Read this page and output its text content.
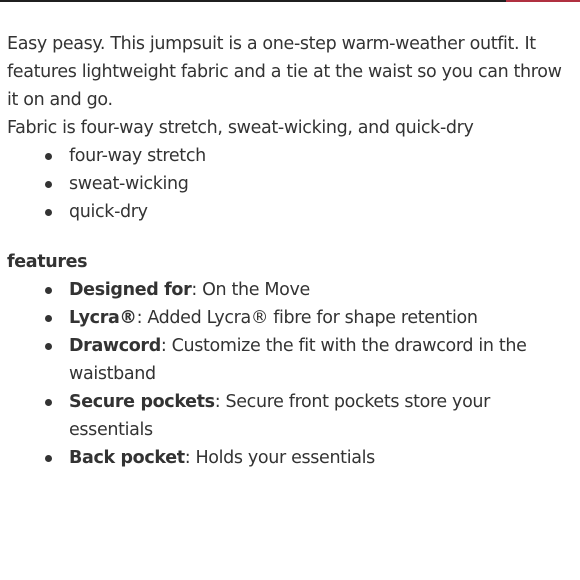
Easy peasy. This jumpsuit is a one-step warm-weather outfit. It features lightweight fabric and a tie at the waist so you can throw it on and go.

Fabric is four-way stretch, sweat-wicking, and quick-dry

four-way stretch
sweat-wicking
quick-dry

features

Designed for: On the Move
Lycra®: Added Lycra® fibre for shape retention
Drawcord: Customize the fit with the drawcord in the waistband
Secure pockets: Secure front pockets store your essentials
Back pocket: Holds your essentials
